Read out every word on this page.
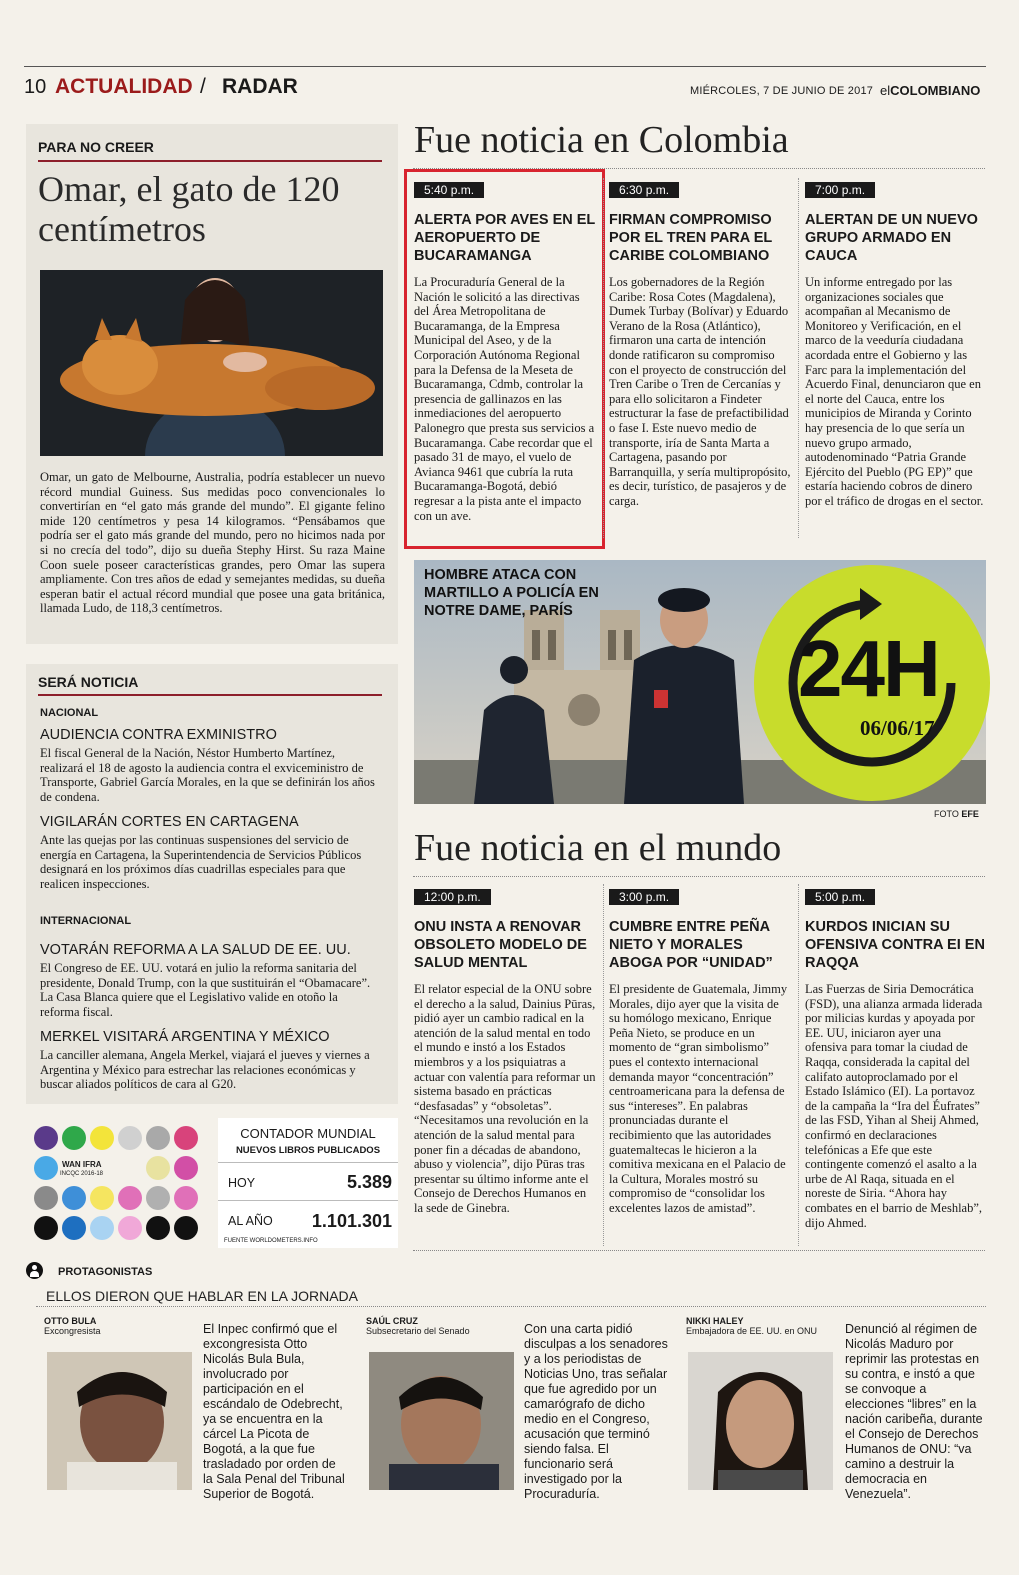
10 ACTUALIDAD / RADAR	MIÉRCOLES, 7 DE JUNIO DE 2017 elCOLOMBIANO
PARA NO CREER
Omar, el gato de 120 centímetros
Omar, un gato de Melbourne, Australia, podría establecer un nuevo récord mundial Guiness. Sus medidas poco convencionales lo convertirían en “el gato más grande del mundo”. El gigante felino mide 120 centímetros y pesa 14 kilogramos. “Pensábamos que podría ser el gato más grande del mundo, pero no hicimos nada por si no crecía del todo”, dijo su dueña Stephy Hirst. Su raza Maine Coon suele poseer características grandes, pero Omar las supera ampliamente. Con tres años de edad y semejantes medidas, su dueña esperan batir el actual récord mundial que posee una gata británica, llamada Ludo, de 118,3 centímetros.
SERÁ NOTICIA
NACIONAL
AUDIENCIA CONTRA EXMINISTRO
El fiscal General de la Nación, Néstor Humberto Martínez, realizará el 18 de agosto la audiencia contra el exviceministro de Transporte, Gabriel García Morales, en la que se definirán los años de condena.
VIGILARÁN CORTES EN CARTAGENA
Ante las quejas por las continuas suspensiones del servicio de energía en Cartagena, la Superintendencia de Servicios Públicos designará en los próximos días cuadrillas especiales para que realicen inspecciones.
INTERNACIONAL
VOTARÁN REFORMA A LA SALUD DE EE. UU.
El Congreso de EE. UU. votará en julio la reforma sanitaria del presidente, Donald Trump, con la que sustituirán el “Obamacare”. La Casa Blanca quiere que el Legislativo valide en otoño la reforma fiscal.
MERKEL VISITARÁ ARGENTINA Y MÉXICO
La canciller alemana, Angela Merkel, viajará el jueves y viernes a Argentina y México para estrechar las relaciones económicas y buscar aliados políticos de cara al G20.
Fue noticia en Colombia
5:40 p.m.
ALERTA POR AVES EN EL AEROPUERTO DE BUCARAMANGA
La Procuraduría General de la Nación le solicitó a las directivas del Área Metropolitana de Bucaramanga, de la Empresa Municipal del Aseo, y de la Corporación Autónoma Regional para la Defensa de la Meseta de Bucaramanga, Cdmb, controlar la presencia de gallinazos en las inmediaciones del aeropuerto Palonegro que presta sus servicios a Bucaramanga. Cabe recordar que el pasado 31 de mayo, el vuelo de Avianca 9461 que cubría la ruta Bucaramanga-Bogotá, debió regresar a la pista ante el impacto con un ave.
6:30 p.m.
FIRMAN COMPROMISO POR EL TREN PARA EL CARIBE COLOMBIANO
Los gobernadores de la Región Caribe: Rosa Cotes (Magdalena), Dumek Turbay (Bolívar) y Eduardo Verano de la Rosa (Atlántico), firmaron una carta de intención donde ratificaron su compromiso con el proyecto de construcción del Tren Caribe o Tren de Cercanías y para ello solicitaron a Findeter estructurar la fase de prefactibilidad o fase I. Este nuevo medio de transporte, iría de Santa Marta a Cartagena, pasando por Barranquilla, y sería multipropósito, es decir, turístico, de pasajeros y de carga.
7:00 p.m.
ALERTAN DE UN NUEVO GRUPO ARMADO EN CAUCA
Un informe entregado por las organizaciones sociales que acompañan al Mecanismo de Monitoreo y Verificación, en el marco de la veeduría ciudadana acordada entre el Gobierno y las Farc para la implementación del Acuerdo Final, denunciaron que en el norte del Cauca, entre los municipios de Miranda y Corinto hay presencia de lo que sería un nuevo grupo armado, autodenominado “Patria Grande Ejército del Pueblo (PG EP)” que estaría haciendo cobros de dinero por el tráfico de drogas en el sector.
HOMBRE ATACA CON MARTILLO A POLICÍA EN NOTRE DAME, PARÍS
24H
06/06/17
FOTO EFE
Fue noticia en el mundo
12:00 p.m.
ONU INSTA A RENOVAR OBSOLETO MODELO DE SALUD MENTAL
El relator especial de la ONU sobre el derecho a la salud, Dainius Pūras, pidió ayer un cambio radical en la atención de la salud mental en todo el mundo e instó a los Estados miembros y a los psiquiatras a actuar con valentía para reformar un sistema basado en prácticas “desfasadas” y “obsoletas”. “Necesitamos una revolución en la atención de la salud mental para poner fin a décadas de abandono, abuso y violencia”, dijo Pūras tras presentar su último informe ante el Consejo de Derechos Humanos en la sede de Ginebra.
3:00 p.m.
CUMBRE ENTRE PEÑA NIETO Y MORALES ABOGA POR “UNIDAD”
El presidente de Guatemala, Jimmy Morales, dijo ayer que la visita de su homólogo mexicano, Enrique Peña Nieto, se produce en un momento de “gran simbolismo” pues el contexto internacional demanda mayor “concentración” centroamericana para la defensa de sus “intereses”. En palabras pronunciadas durante el recibimiento que las autoridades guatemaltecas le hicieron a la comitiva mexicana en el Palacio de la Cultura, Morales mostró su compromiso de “consolidar los excelentes lazos de amistad”.
5:00 p.m.
KURDOS INICIAN SU OFENSIVA CONTRA EI EN RAQQA
Las Fuerzas de Siria Democrática (FSD), una alianza armada liderada por milicias kurdas y apoyada por EE. UU, iniciaron ayer una ofensiva para tomar la ciudad de Raqqa, considerada la capital del califato autoproclamado por el Estado Islámico (EI). La portavoz de la campaña la “Ira del Éufrates” de las FSD, Yihan al Sheij Ahmed, confirmó en declaraciones telefónicas a Efe que este contingente comenzó el asalto a la urbe de Al Raqa, situada en el noreste de Siria. “Ahora hay combates en el barrio de Meshlab”, dijo Ahmed.
WAN IFRA
INCQC 2016-18
CONTADOR MUNDIAL
NUEVOS LIBROS PUBLICADOS
HOY	5.389
AL AÑO 1.101.301
FUENTE WORLDOMETERS.INFO
PROTAGONISTAS
ELLOS DIERON QUE HABLAR EN LA JORNADA
OTTO BULA
Excongresista	El Inpec confirmó que el excongresista Otto Nicolás Bula Bula, involucrado por participación en el escándalo de Odebrecht, ya se encuentra en la cárcel La Picota de Bogotá, a la que fue trasladado por orden de la Sala Penal del Tribunal Superior de Bogotá.
SAÚL CRUZ
Subsecretario del Senado	Con una carta pidió disculpas a los senadores y a los periodistas de Noticias Uno, tras señalar que fue agredido por un camarógrafo de dicho medio en el Congreso, acusación que terminó siendo falsa. El funcionario será investigado por la Procuraduría.
NIKKI HALEY
Embajadora de EE. UU. en ONU	Denunció al régimen de Nicolás Maduro por reprimir las protestas en su contra, e instó a que se convoque a elecciones “libres” en la nación caribeña, durante el Consejo de Derechos Humanos de ONU: “va camino a destruir la democracia en Venezuela”.
